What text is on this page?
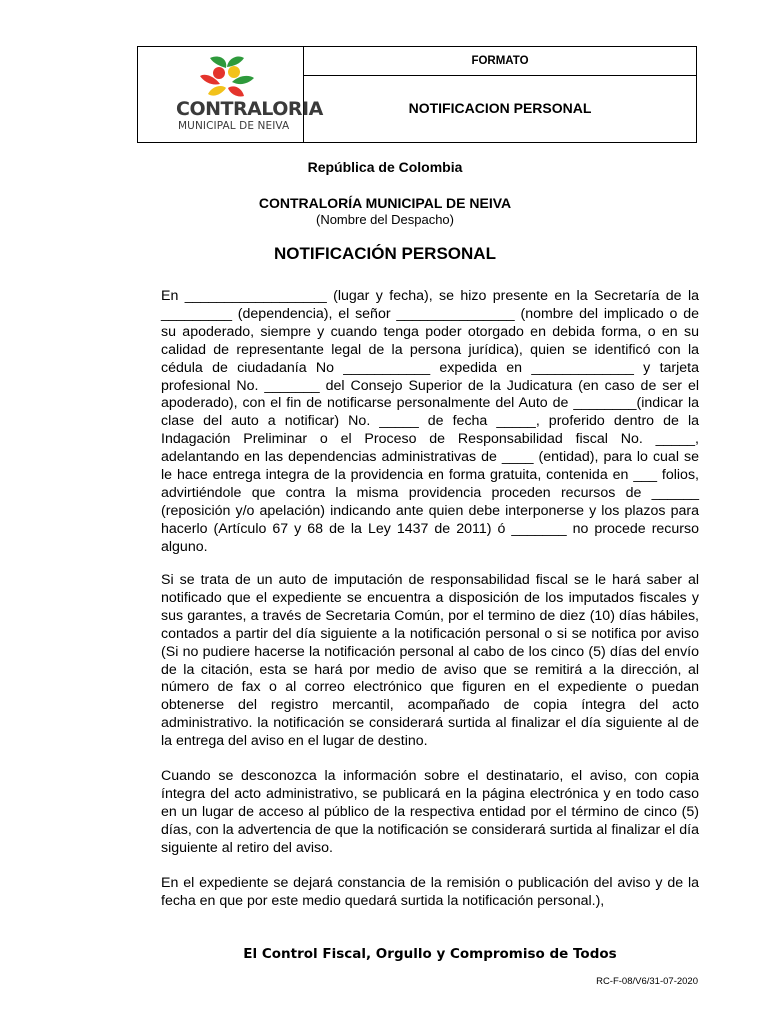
CONTRALORIA
MUNICIPAL DE NEIVA
FORMATO
NOTIFICACION PERSONAL
República de Colombia
CONTRALORÍA MUNICIPAL DE NEIVA
(Nombre del Despacho)
NOTIFICACIÓN PERSONAL
En __________________ (lugar y fecha), se hizo presente en la Secretaría de la _________ (dependencia), el señor _______________ (nombre del implicado o de su apoderado, siempre y cuando tenga poder otorgado en debida forma, o en su calidad de representante legal de la persona jurídica), quien se identificó con la cédula de ciudadanía No ___________ expedida en _____________ y tarjeta profesional No. _______ del Consejo Superior de la Judicatura (en caso de ser el apoderado), con el fin de notificarse personalmente del Auto de ________(indicar la clase del auto a notificar) No. _____ de fecha _____, proferido dentro de la Indagación Preliminar o el Proceso de Responsabilidad fiscal No. _____, adelantando en las dependencias administrativas de ____ (entidad), para lo cual se le hace entrega integra de la providencia en forma gratuita, contenida en ___ folios, advirtiéndole que contra la misma providencia proceden recursos de ______ (reposición y/o apelación) indicando ante quien debe interponerse y los plazos para hacerlo (Artículo 67 y 68 de la Ley 1437 de 2011) ó _______ no procede recurso alguno.
Si se trata de un auto de imputación de responsabilidad fiscal se le hará saber al notificado que el expediente se encuentra a disposición de los imputados fiscales y sus garantes, a través de Secretaria Común, por el termino de diez (10) días hábiles, contados a partir del día siguiente a la notificación personal o si se notifica por aviso (Si no pudiere hacerse la notificación personal al cabo de los cinco (5) días del envío de la citación, esta se hará por medio de aviso que se remitirá a la dirección, al número de fax o al correo electrónico que figuren en el expediente o puedan obtenerse del registro mercantil, acompañado de copia íntegra del acto administrativo. la notificación se considerará surtida al finalizar el día siguiente al de la entrega del aviso en el lugar de destino.
Cuando se desconozca la información sobre el destinatario, el aviso, con copia íntegra del acto administrativo, se publicará en la página electrónica y en todo caso en un lugar de acceso al público de la respectiva entidad por el término de cinco (5) días, con la advertencia de que la notificación se considerará surtida al finalizar el día siguiente al retiro del aviso.
En el expediente se dejará constancia de la remisión o publicación del aviso y de la fecha en que por este medio quedará surtida la notificación personal.),
El Control Fiscal, Orgullo y Compromiso de Todos
RC-F-08/V6/31-07-2020
